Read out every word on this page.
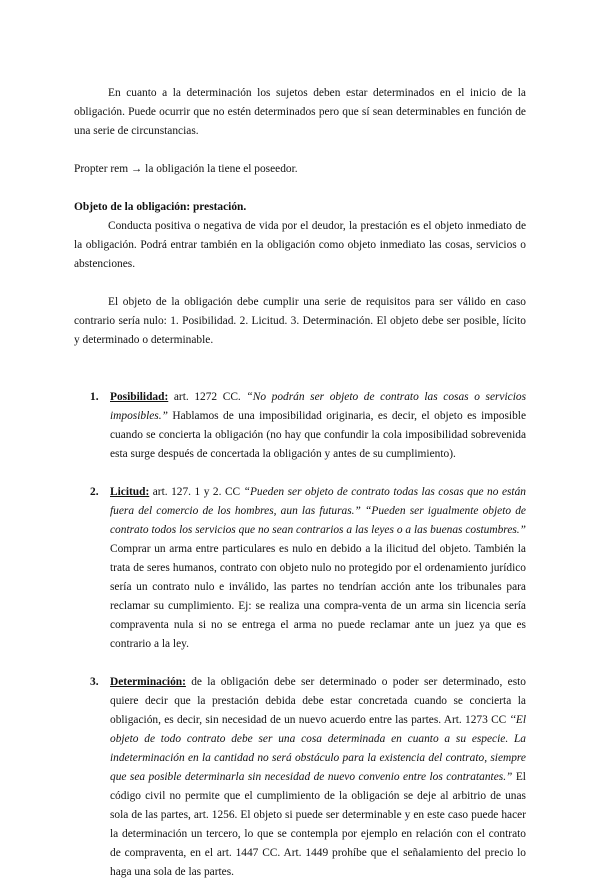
En cuanto a la determinación los sujetos deben estar determinados en el inicio de la obligación. Puede ocurrir que no estén determinados pero que sí sean determinables en función de una serie de circunstancias.

Propter rem → la obligación la tiene el poseedor.

Objeto de la obligación: prestación.

Conducta positiva o negativa de vida por el deudor, la prestación es el objeto inmediato de la obligación. Podrá entrar también en la obligación como objeto inmediato las cosas, servicios o abstenciones.

El objeto de la obligación debe cumplir una serie de requisitos para ser válido en caso contrario sería nulo: 1. Posibilidad. 2. Licitud. 3. Determinación. El objeto debe ser posible, lícito y determinado o determinable.

1. Posibilidad: art. 1272 CC. “No podrán ser objeto de contrato las cosas o servicios imposibles.” Hablamos de una imposibilidad originaria, es decir, el objeto es imposible cuando se concierta la obligación (no hay que confundir la cola imposibilidad sobrevenida esta surge después de concertada la obligación y antes de su cumplimiento).
2. Licitud: art. 127. 1 y 2. CC “Pueden ser objeto de contrato todas las cosas que no están fuera del comercio de los hombres, aun las futuras.” “Pueden ser igualmente objeto de contrato todos los servicios que no sean contrarios a las leyes o a las buenas costumbres.” Comprar un arma entre particulares es nulo en debido a la ilicitud del objeto. También la trata de seres humanos, contrato con objeto nulo no protegido por el ordenamiento jurídico sería un contrato nulo e inválido, las partes no tendrían acción ante los tribunales para reclamar su cumplimiento. Ej: se realiza una compra-venta de un arma sin licencia sería compraventa nula si no se entrega el arma no puede reclamar ante un juez ya que es contrario a la ley.
3. Determinación: de la obligación debe ser determinado o poder ser determinado, esto quiere decir que la prestación debida debe estar concretada cuando se concierta la obligación, es decir, sin necesidad de un nuevo acuerdo entre las partes. Art. 1273 CC ‘‘El objeto de todo contrato debe ser una cosa determinada en cuanto a su especie. La indeterminación en la cantidad no será obstáculo para la existencia del contrato, siempre que sea posible determinarla sin necesidad de nuevo convenio entre los contratantes.” El código civil no permite que el cumplimiento de la obligación se deje al arbitrio de unas sola de las partes, art. 1256. El objeto si puede ser determinable y en este caso puede hacer la determinación un tercero, lo que se contempla por ejemplo en relación con el contrato de compraventa, en el art. 1447 CC. Art. 1449 prohíbe que el señalamiento del precio lo haga una sola de las partes.
